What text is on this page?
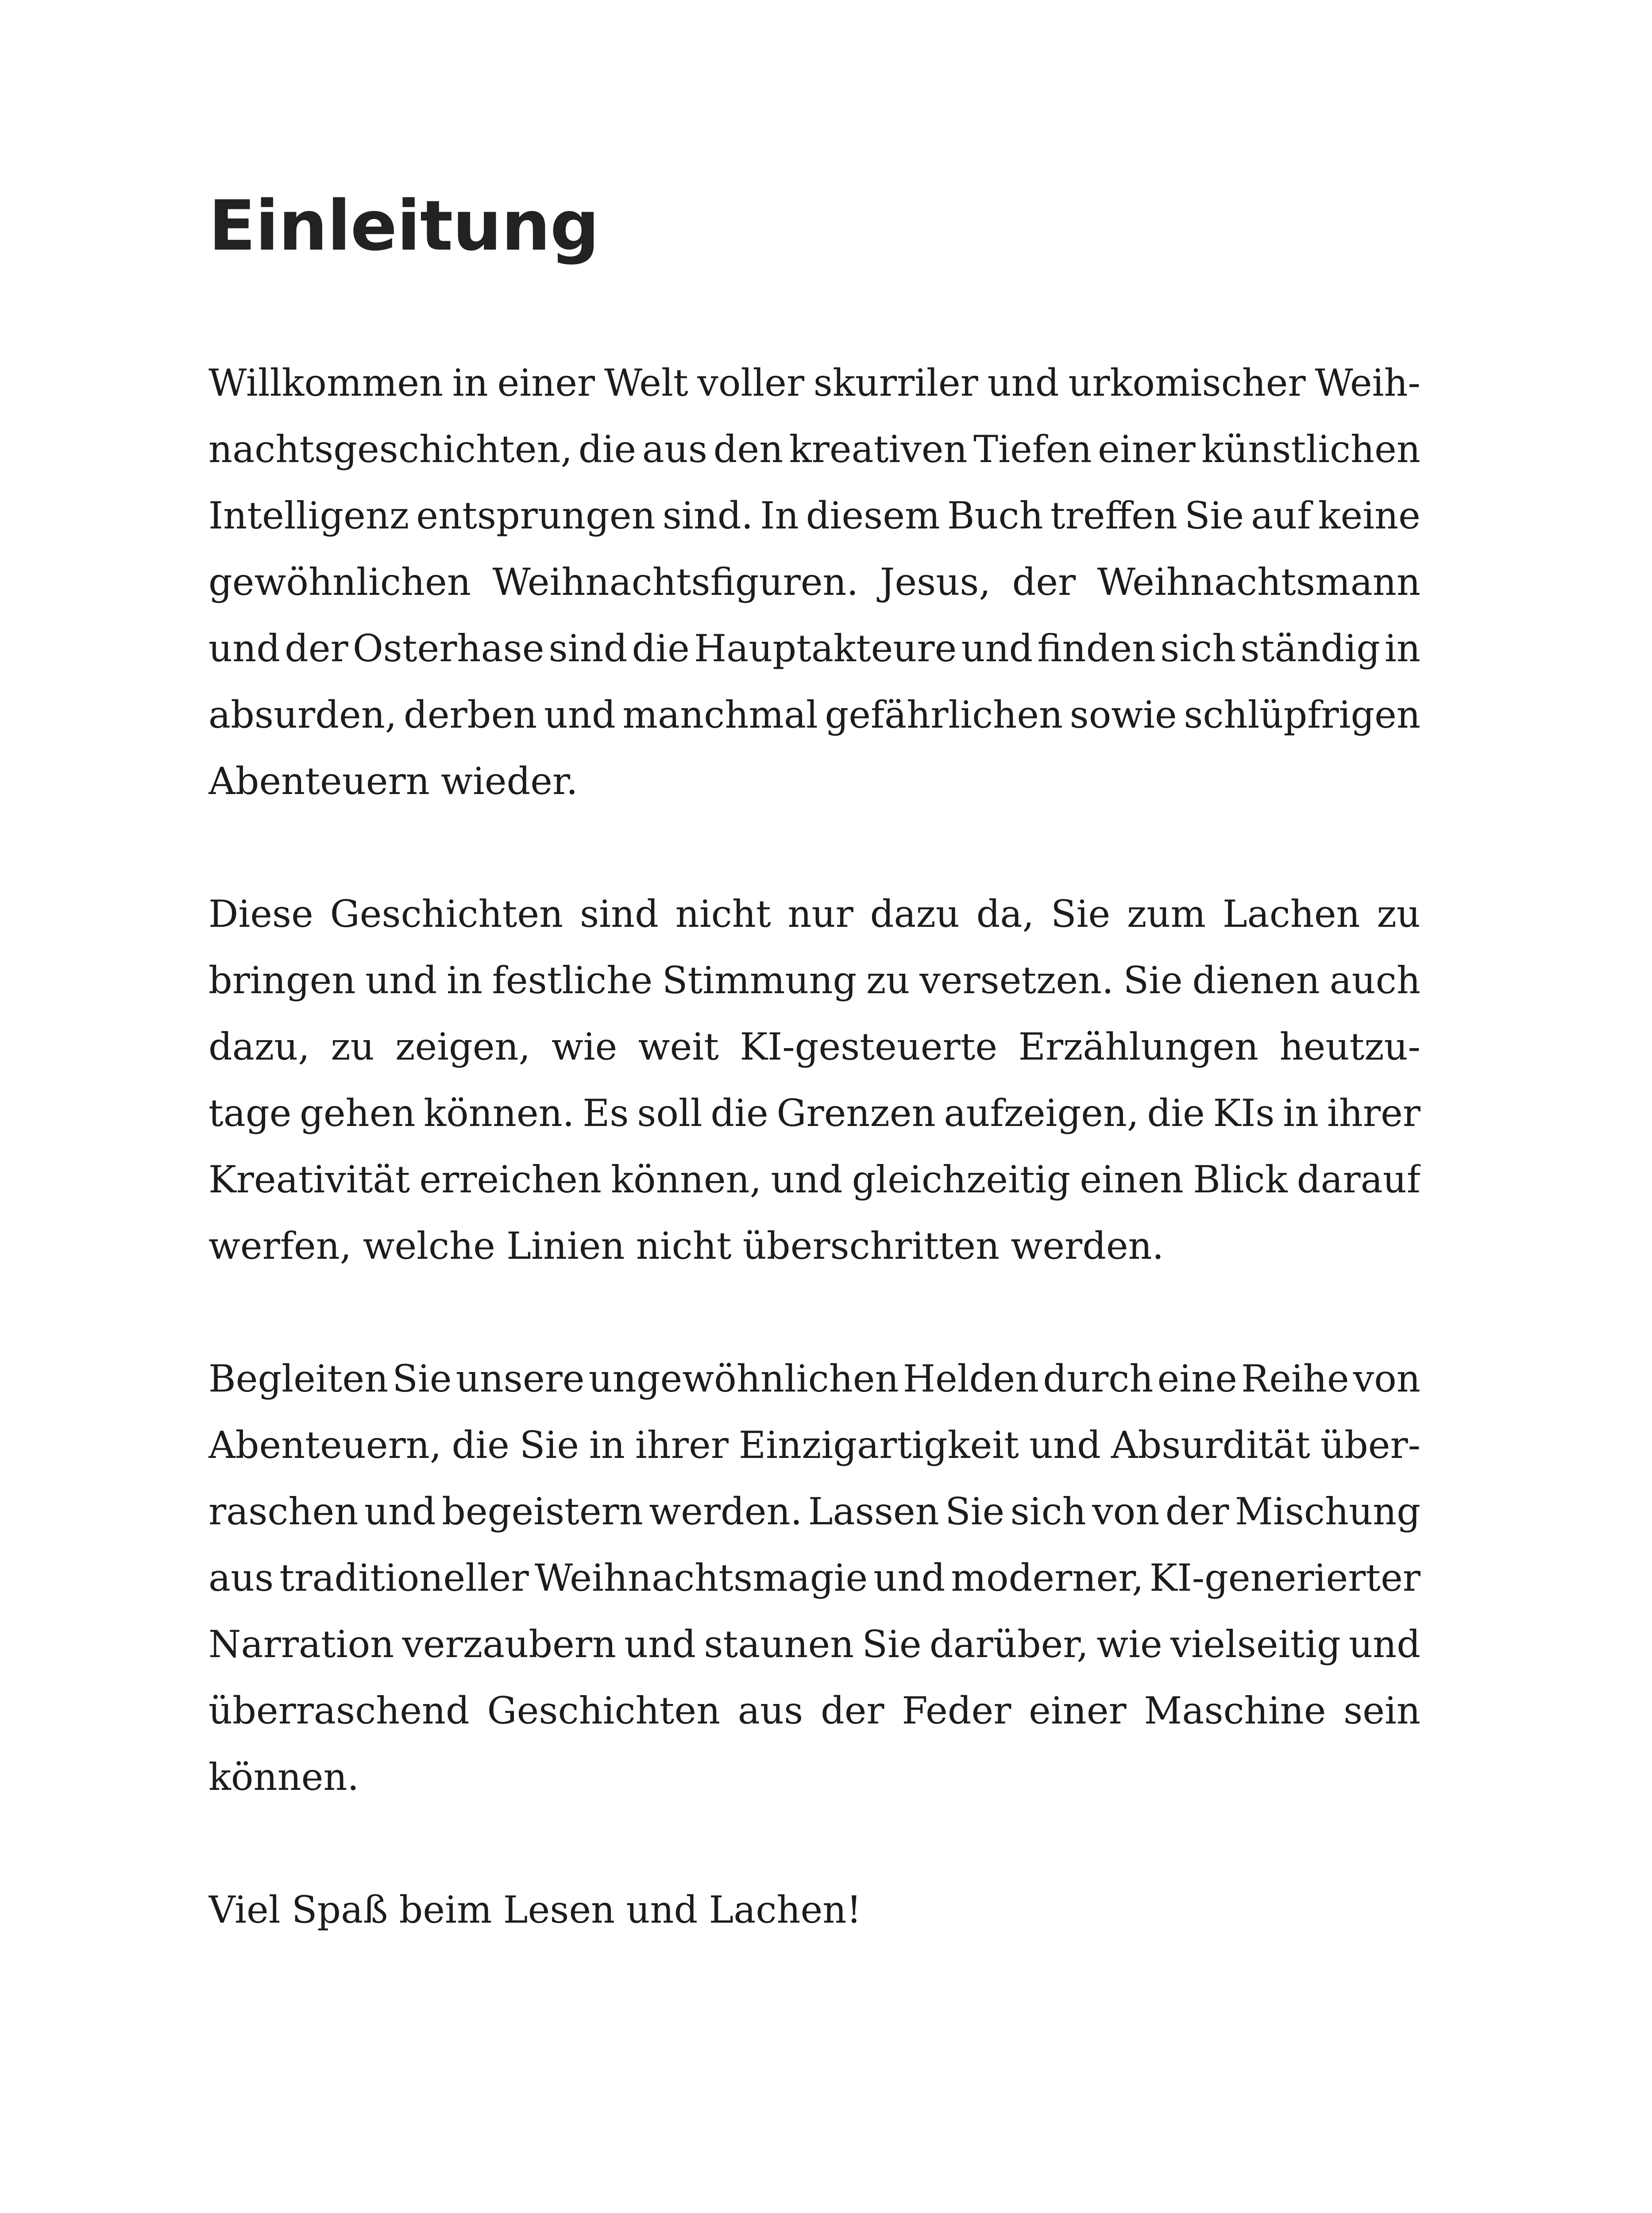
Einleitung
Willkommen in einer Welt voller skurriler und urkomischer Weih-
nachtsgeschichten, die aus den kreativen Tiefen einer künstlichen
Intelligenz entsprungen sind. In diesem Buch treffen Sie auf keine
gewöhnlichen Weihnachtsfiguren. Jesus, der Weihnachtsmann
und der Osterhase sind die Hauptakteure und finden sich ständig in
absurden, derben und manchmal gefährlichen sowie schlüpfrigen
Abenteuern wieder.
Diese Geschichten sind nicht nur dazu da, Sie zum Lachen zu
bringen und in festliche Stimmung zu versetzen. Sie dienen auch
dazu, zu zeigen, wie weit KI-gesteuerte Erzählungen heutzu-
tage gehen können. Es soll die Grenzen aufzeigen, die KIs in ihrer
Kreativität erreichen können, und gleichzeitig einen Blick darauf
werfen, welche Linien nicht überschritten werden.
Begleiten Sie unsere ungewöhnlichen Helden durch eine Reihe von
Abenteuern, die Sie in ihrer Einzigartigkeit und Absurdität über-
raschen und begeistern werden. Lassen Sie sich von der Mischung
aus traditioneller Weihnachtsmagie und moderner, KI-generierter
Narration verzaubern und staunen Sie darüber, wie vielseitig und
überraschend Geschichten aus der Feder einer Maschine sein
können.
Viel Spaß beim Lesen und Lachen!
